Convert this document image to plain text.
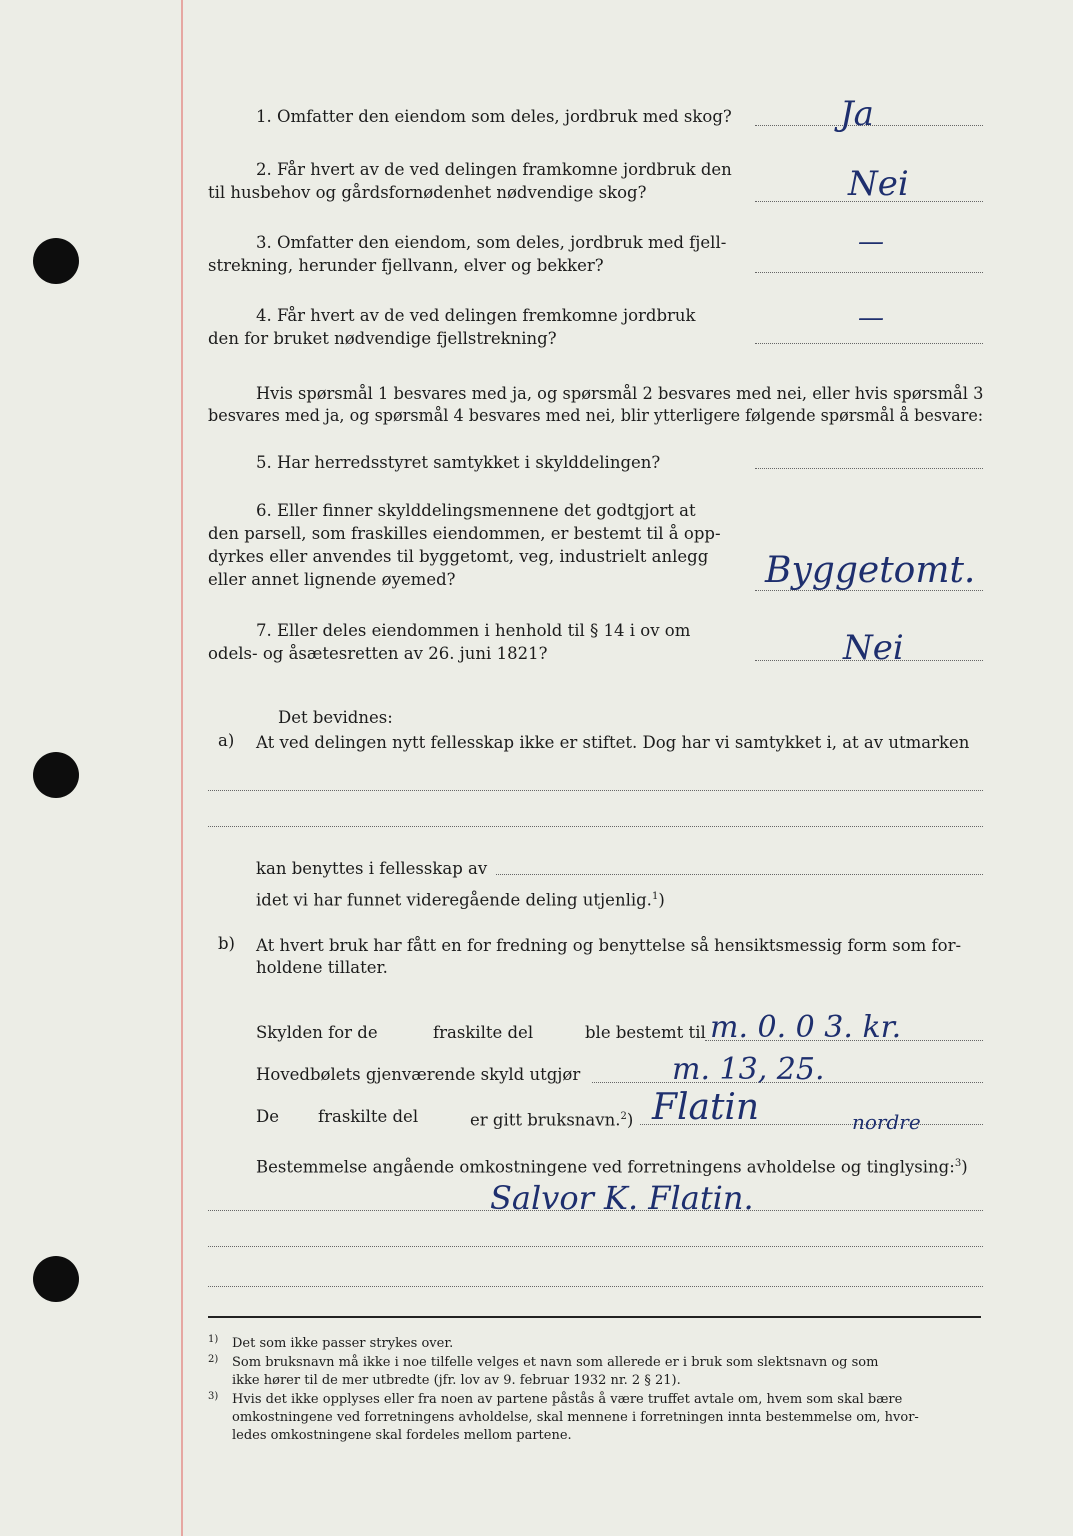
1. Omfatter den eiendom som deles, jordbruk med skog?	Ja
2. Får hvert av de ved delingen framkomne jordbruk den
til husbehov og gårdsfornødenhet nødvendige skog?	Nei
3. Omfatter den eiendom, som deles, jordbruk med fjell-
strekning, herunder fjellvann, elver og bekker?
—
4. Får hvert av de ved delingen fremkomne jordbruk
den for bruket nødvendige fjellstrekning?
—
Hvis spørsmål 1 besvares med ja, og spørsmål 2 besvares med nei, eller hvis spørsmål 3
besvares med ja, og spørsmål 4 besvares med nei, blir ytterligere følgende spørsmål å besvare:
5. Har herredsstyret samtykket i skylddelingen?
6. Eller finner skylddelingsmennene det godtgjort at
den parsell, som fraskilles eiendommen, er bestemt til å opp-
dyrkes eller anvendes til byggetomt, veg, industrielt anlegg
eller annet lignende øyemed?	Byggetomt.
7. Eller deles eiendommen i henhold til § 14 i ov om
odels- og åsætesretten av 26. juni 1821?	Nei
Det bevidnes:
a) At ved delingen nytt fellesskap ikke er stiftet. Dog har vi samtykket i, at av utmarken
kan benyttes i fellesskap av
idet vi har funnet videregående deling utjenlig.$^1$)
b) At hvert bruk har fått en for fredning og benyttelse så hensiktsmessig form som for-
holdene tillater.
Skylden for de	fraskilte del	ble bestemt til m. 0. 0 3. kr.
Hovedbølets gjenværende skyld utgjør	m. 13, 25.
De fraskilte del	er gitt bruksnavn.$^2$) Flatin	nordre
Bestemmelse angående omkostningene ved forretningens avholdelse og tinglysing:$^3$)
Salvor K. Flatin.
1) Det som ikke passer strykes over.
2) Som bruksnavn må ikke i noe tilfelle velges et navn som allerede er i bruk som slektsnavn og som
ikke hører til de mer utbredte (jfr. lov av 9. februar 1932 nr. 2 § 21).
3) Hvis det ikke opplyses eller fra noen av partene påstås å være truffet avtale om, hvem som skal bære
omkostningene ved forretningens avholdelse, skal mennene i forretningen innta bestemmelse om, hvor-
ledes omkostningene skal fordeles mellom partene.
